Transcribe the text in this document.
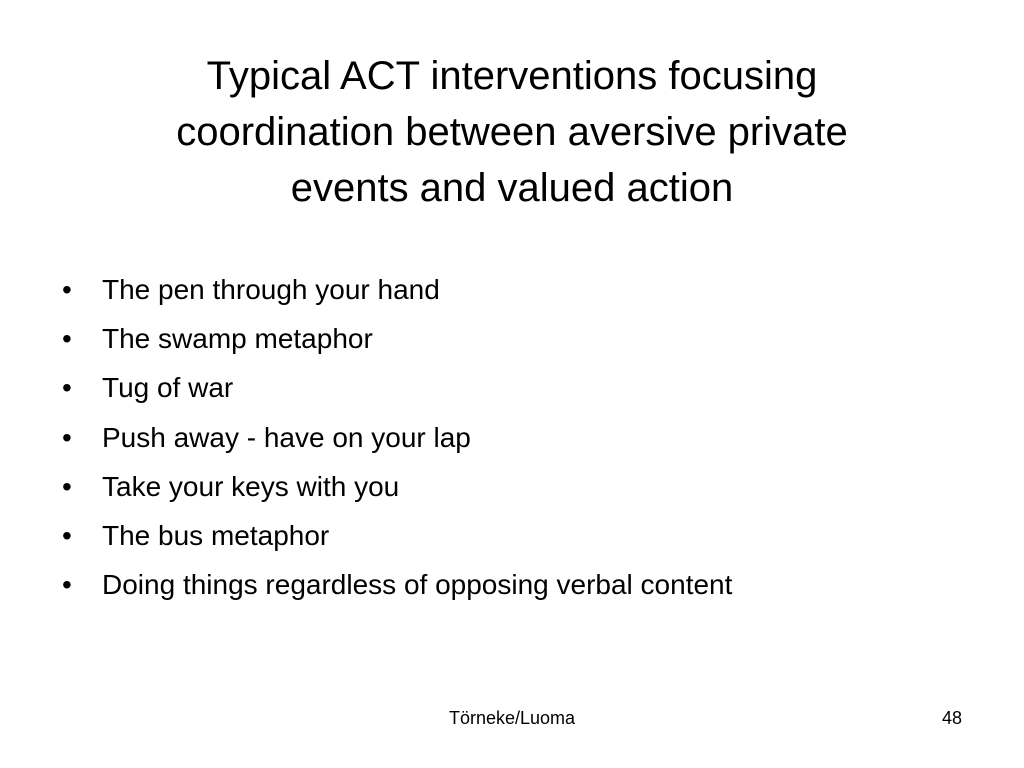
Typical ACT interventions focusing
coordination between aversive private
events and valued action
• The pen through your hand
• The swamp metaphor
• Tug of war
• Push away - have on your lap
• Take your keys with you
• The bus metaphor
• Doing things regardless of opposing verbal content
Törneke/Luoma	48
